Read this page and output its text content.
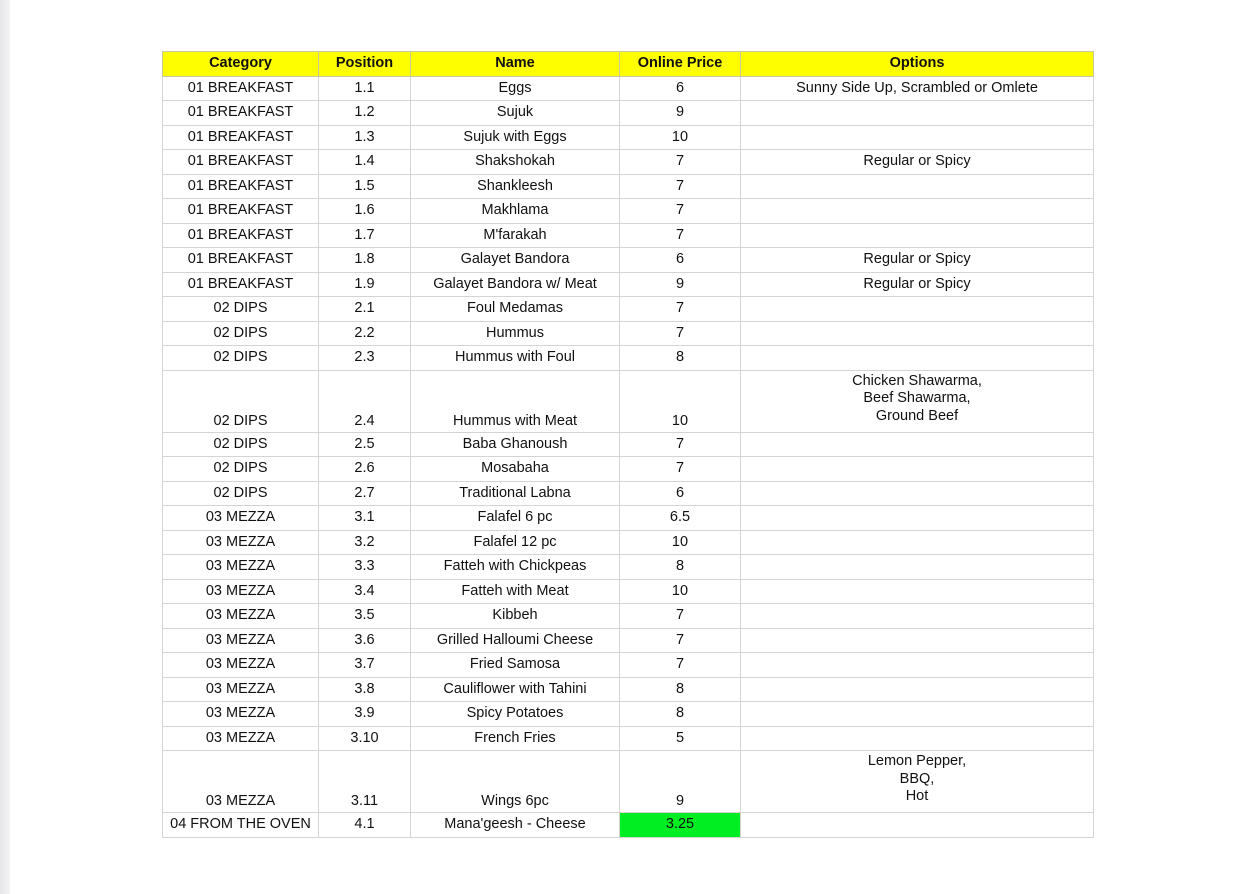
Category	Position	Name	Online Price	Options
01 BREAKFAST	1.1	Eggs	6	Sunny Side Up, Scrambled or Omlete

01 BREAKFAST	1.2	Sujuk	9	
01 BREAKFAST	1.3	Sujuk with Eggs	10	
01 BREAKFAST	1.4	Shakshokah	7	Regular or Spicy

01 BREAKFAST	1.5	Shankleesh	7	
01 BREAKFAST	1.6	Makhlama	7	
01 BREAKFAST	1.7	M'farakah	7	
01 BREAKFAST	1.8	Galayet Bandora	6	Regular or Spicy

01 BREAKFAST	1.9	Galayet Bandora w/ Meat	9	Regular or Spicy

02 DIPS	2.1	Foul Medamas	7	
02 DIPS	2.2	Hummus	7	
02 DIPS	2.3	Hummus with Foul	8	
02 DIPS	2.4	Hummus with Meat	10	Chicken Shawarma,
Beef Shawarma,
Ground Beef

02 DIPS	2.5	Baba Ghanoush	7	
02 DIPS	2.6	Mosabaha	7	
02 DIPS	2.7	Traditional Labna	6	
03 MEZZA	3.1	Falafel 6 pc	6.5	
03 MEZZA	3.2	Falafel 12 pc	10	
03 MEZZA	3.3	Fatteh with Chickpeas	8	
03 MEZZA	3.4	Fatteh with Meat	10	
03 MEZZA	3.5	Kibbeh	7	
03 MEZZA	3.6	Grilled Halloumi Cheese	7	
03 MEZZA	3.7	Fried Samosa	7	
03 MEZZA	3.8	Cauliflower with Tahini	8	
03 MEZZA	3.9	Spicy Potatoes	8	
03 MEZZA	3.10	French Fries	5	
03 MEZZA	3.11	Wings 6pc	9	Lemon Pepper,
BBQ,
Hot

04 FROM THE OVEN	4.1	Mana'geesh - Cheese	3.25	
